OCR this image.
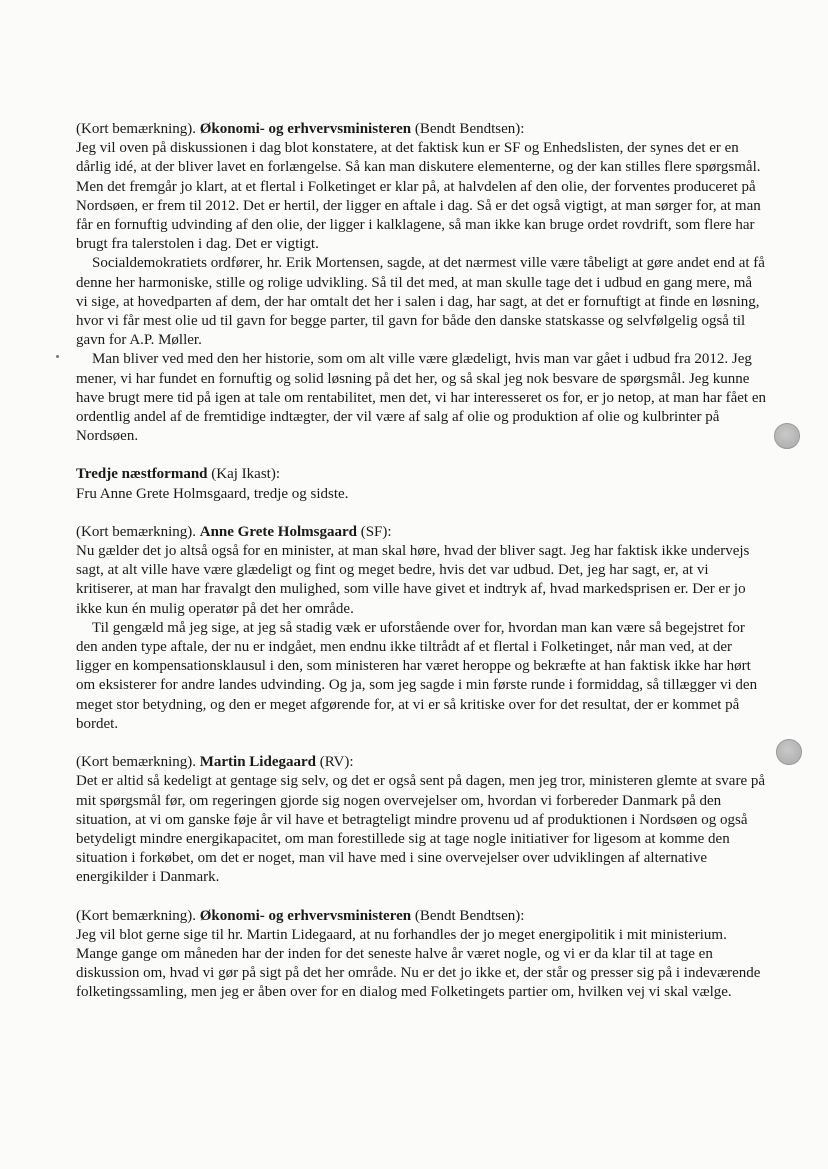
(Kort bemærkning). Økonomi- og erhvervsministeren (Bendt Bendtsen):

Jeg vil oven på diskussionen i dag blot konstatere, at det faktisk kun er SF og Enhedslisten, der synes det er en dårlig idé, at der bliver lavet en forlængelse. Så kan man diskutere elementerne, og der kan stilles flere spørgsmål. Men det fremgår jo klart, at et flertal i Folketinget er klar på, at halvdelen af den olie, der forventes produceret på Nordsøen, er frem til 2012. Det er hertil, der ligger en aftale i dag. Så er det også vigtigt, at man sørger for, at man får en fornuftig udvinding af den olie, der ligger i kalklagene, så man ikke kan bruge ordet rovdrift, som flere har brugt fra talerstolen i dag. Det er vigtigt.

Socialdemokratiets ordfører, hr. Erik Mortensen, sagde, at det nærmest ville være tåbeligt at gøre andet end at få denne her harmoniske, stille og rolige udvikling. Så til det med, at man skulle tage det i udbud en gang mere, må vi sige, at hovedparten af dem, der har omtalt det her i salen i dag, har sagt, at det er fornuftigt at finde en løsning, hvor vi får mest olie ud til gavn for begge parter, til gavn for både den danske statskasse og selvfølgelig også til gavn for A.P. Møller.

Man bliver ved med den her historie, som om alt ville være glædeligt, hvis man var gået i udbud fra 2012. Jeg mener, vi har fundet en fornuftig og solid løsning på det her, og så skal jeg nok besvare de spørgsmål. Jeg kunne have brugt mere tid på igen at tale om rentabilitet, men det, vi har interesseret os for, er jo netop, at man har fået en ordentlig andel af de fremtidige indtægter, der vil være af salg af olie og produktion af olie og kulbrinter på Nordsøen.

Tredje næstformand (Kaj Ikast):

Fru Anne Grete Holmsgaard, tredje og sidste.

(Kort bemærkning). Anne Grete Holmsgaard (SF):

Nu gælder det jo altså også for en minister, at man skal høre, hvad der bliver sagt. Jeg har faktisk ikke undervejs sagt, at alt ville have være glædeligt og fint og meget bedre, hvis det var udbud. Det, jeg har sagt, er, at vi kritiserer, at man har fravalgt den mulighed, som ville have givet et indtryk af, hvad markedsprisen er. Der er jo ikke kun én mulig operatør på det her område.

Til gengæld må jeg sige, at jeg så stadig væk er uforstående over for, hvordan man kan være så begejstret for den anden type aftale, der nu er indgået, men endnu ikke tiltrådt af et flertal i Folketinget, når man ved, at der ligger en kompensationsklausul i den, som ministeren har været heroppe og bekræfte at han faktisk ikke har hørt om eksisterer for andre landes udvinding. Og ja, som jeg sagde i min første runde i formiddag, så tillægger vi den meget stor betydning, og den er meget afgørende for, at vi er så kritiske over for det resultat, der er kommet på bordet.

(Kort bemærkning). Martin Lidegaard (RV):

Det er altid så kedeligt at gentage sig selv, og det er også sent på dagen, men jeg tror, ministeren glemte at svare på mit spørgsmål før, om regeringen gjorde sig nogen overvejelser om, hvordan vi forbereder Danmark på den situation, at vi om ganske føje år vil have et betragteligt mindre provenu ud af produktionen i Nordsøen og også betydeligt mindre energikapacitet, om man forestillede sig at tage nogle initiativer for ligesom at komme den situation i forkøbet, om det er noget, man vil have med i sine overvejelser over udviklingen af alternative energikilder i Danmark.

(Kort bemærkning). Økonomi- og erhvervsministeren (Bendt Bendtsen):

Jeg vil blot gerne sige til hr. Martin Lidegaard, at nu forhandles der jo meget energipolitik i mit ministerium. Mange gange om måneden har der inden for det seneste halve år været nogle, og vi er da klar til at tage en diskussion om, hvad vi gør på sigt på det her område. Nu er det jo ikke et, der står og presser sig på i indeværende folketingssamling, men jeg er åben over for en dialog med Folketingets partier om, hvilken vej vi skal vælge.
